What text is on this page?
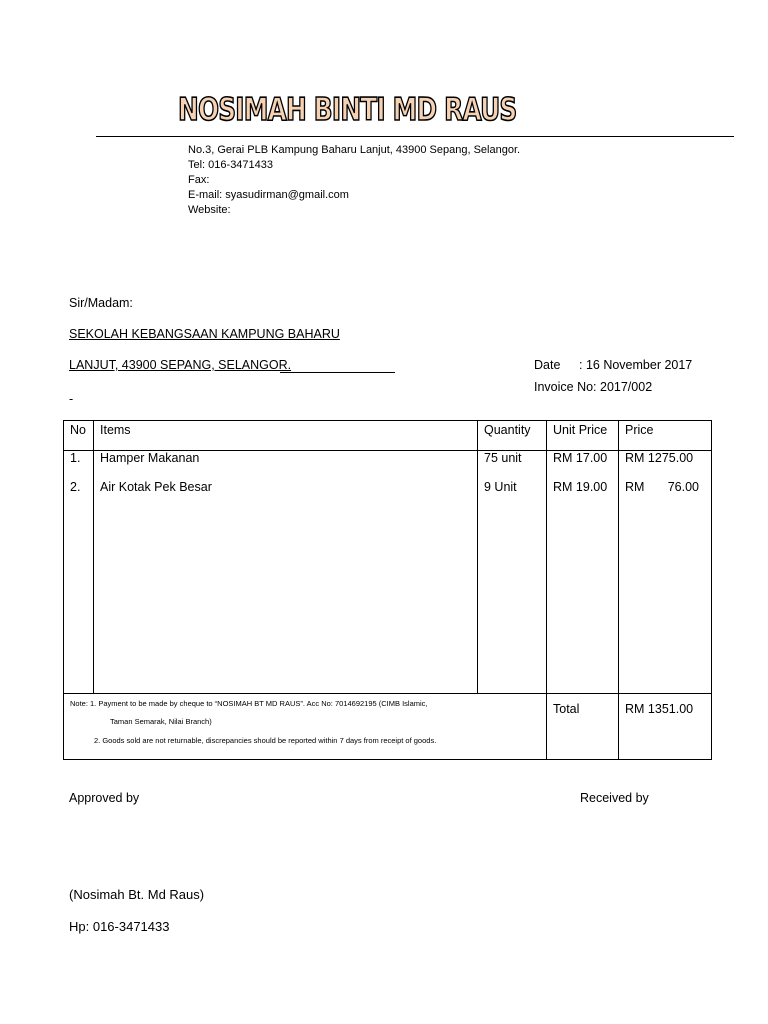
NOSIMAH BINTI MD RAUS
No.3, Gerai PLB Kampung Baharu Lanjut, 43900 Sepang, Selangor.
Tel: 016-3471433
Fax:
E-mail: syasudirman@gmail.com
Website:
Sir/Madam:
SEKOLAH KEBANGSAAN KAMPUNG BAHARU
LANJUT, 43900 SEPANG, SELANGOR.
-
Date : 16 November 2017
Invoice No: 2017/002
No	Items	Quantity	Unit Price	Price
1.	Hamper Makanan	75 unit	RM 17.00	RM 1275.00
2.	Air Kotak Pek Besar	9 Unit	RM 19.00	RM 76.00

Note: 1. Payment to be made by cheque to “NOSIMAH BT MD RAUS”. Acc No: 7014692195 (CIMB Islamic,
Taman Semarak, Nilai Branch)
2. Goods sold are not returnable, discrepancies should be reported within 7 days from receipt of goods.			Total	RM 1351.00
Approved by	Received by
(Nosimah Bt. Md Raus)
Hp: 016-3471433
